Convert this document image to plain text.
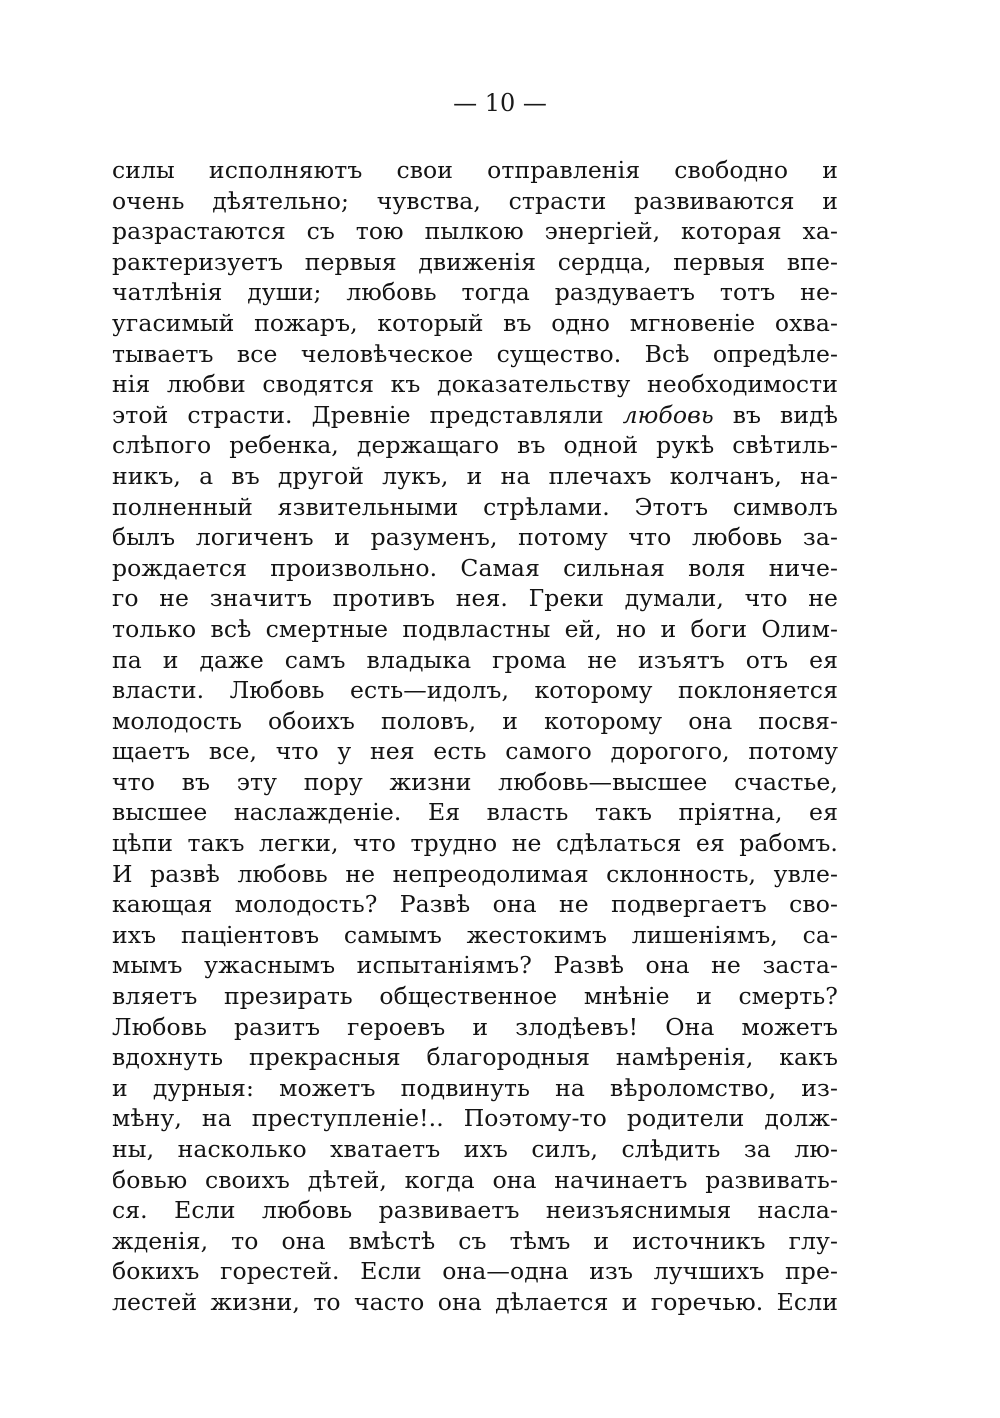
— 10 —
силы исполняютъ свои отправленія свободно и
очень дѣятельно; чувства, страсти развиваются и
разрастаются съ тою пылкою энергіей, которая ха-
рактеризуетъ первыя движенія сердца, первыя впе-
чатлѣнія души; любовь тогда раздуваетъ тотъ не-
угасимый пожаръ, который въ одно мгновеніе охва-
тываетъ все человѣческое существо. Всѣ опредѣле-
нія любви сводятся къ доказательству необходимости
этой страсти. Древніе представляли любовь въ видѣ
слѣпого ребенка, держащаго въ одной рукѣ свѣтиль-
никъ, а въ другой лукъ, и на плечахъ колчанъ, на-
полненный язвительными стрѣлами. Этотъ символъ
былъ логиченъ и разуменъ, потому что любовь за-
рождается произвольно. Самая сильная воля ниче-
го не значитъ противъ нея. Греки думали, что не
только всѣ смертные подвластны ей, но и боги Олим-
па и даже самъ владыка грома не изъятъ отъ ея
власти. Любовь есть—идолъ, которому поклоняется
молодость обоихъ половъ, и которому она посвя-
щаетъ все, что у нея есть самого дорогого, потому
что въ эту пору жизни любовь—высшее счастье,
высшее наслажденіе. Ея власть такъ пріятна, ея
цѣпи такъ легки, что трудно не сдѣлаться ея рабомъ.
И развѣ любовь не непреодолимая склонность, увле-
кающая молодость? Развѣ она не подвергаетъ сво-
ихъ паціентовъ самымъ жестокимъ лишеніямъ, са-
мымъ ужаснымъ испытаніямъ? Развѣ она не заста-
вляетъ презирать общественное мнѣніе и смерть?
Любовь разитъ героевъ и злодѣевъ! Она можетъ
вдохнуть прекрасныя благородныя намѣренія, какъ
и дурныя: можетъ подвинуть на вѣроломство, из-
мѣну, на преступленіе!.. Поэтому-то родители долж-
ны, насколько хватаетъ ихъ силъ, слѣдить за лю-
бовью своихъ дѣтей, когда она начинаетъ развивать-
ся. Если любовь развиваетъ неизъяснимыя насла-
жденія, то она вмѣстѣ съ тѣмъ и источникъ глу-
бокихъ горестей. Если она—одна изъ лучшихъ пре-
лестей жизни, то часто она дѣлается и горечью. Если
